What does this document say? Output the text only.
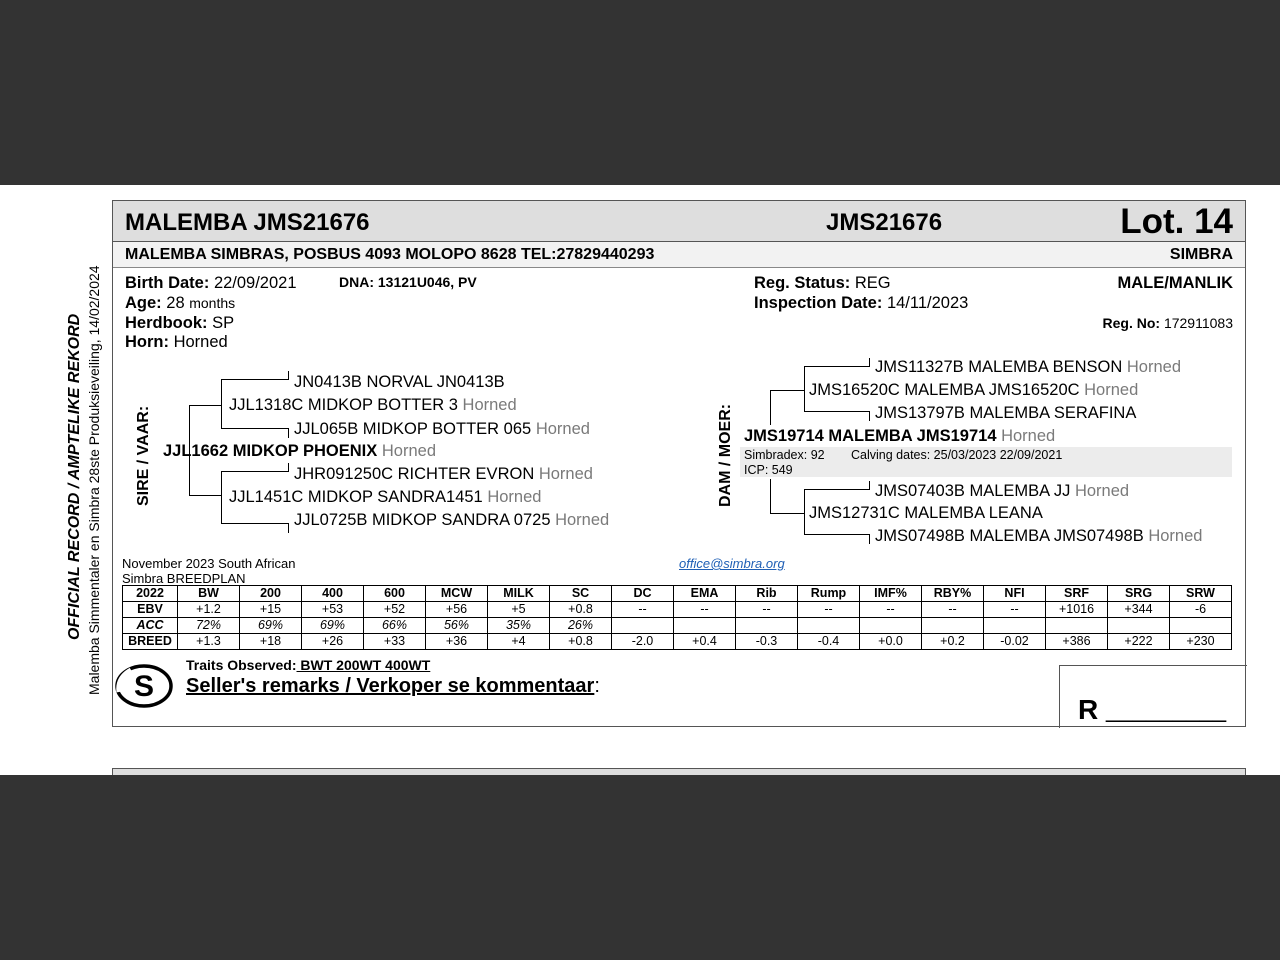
OFFICIAL RECORD / AMPTELIKE REKORD Malemba Simmentaler en Simbra 28ste Produksieveiling, 14/02/2024
MALEMBA JMS21676	JMS21676	Lot. 14
MALEMBA SIMBRAS, POSBUS 4093 MOLOPO 8628 TEL:27829440293	SIMBRA
Birth Date: 22/09/2021	DNA: 13121U046, PV
Age: 28 months
Herdbook: SP
Horn: Horned
Reg. Status: REG
Inspection Date: 14/11/2023
MALE/MANLIK
Reg. No: 172911083
SIRE / VAAR:
JN0413B NORVAL JN0413B
JJL1318C MIDKOP BOTTER 3 Horned
JJL065B MIDKOP BOTTER 065 Horned
JJL1662 MIDKOP PHOENIX Horned
JHR091250C RICHTER EVRON Horned
JJL1451C MIDKOP SANDRA1451 Horned
JJL0725B MIDKOP SANDRA 0725 Horned
DAM / MOER:
JMS11327B MALEMBA BENSON Horned
JMS16520C MALEMBA JMS16520C Horned
JMS13797B MALEMBA SERAFINA
JMS19714 MALEMBA JMS19714 Horned
Simbradex: 92 Calving dates: 25/03/2023 22/09/2021
ICP: 549
JMS07403B MALEMBA JJ Horned
JMS12731C MALEMBA LEANA
JMS07498B MALEMBA JMS07498B Horned
November 2023 South African
Simbra BREEDPLAN
office@simbra.org
2022	BW	200	400	600	MCW	MILK	SC	DC	EMA	Rib	Rump	IMF%	RBY%	NFI	SRF	SRG	SRW
EBV	+1.2	+15	+53	+52	+56	+5	+0.8	--	--	--	--	--	--	--	+1016	+344	-6
ACC	72%	69%	69%	66%	56%	35%	26%										
BREED	+1.3	+18	+26	+33	+36	+4	+0.8	-2.0	+0.4	-0.3	-0.4	+0.0	+0.2	-0.02	+386	+222	+230
S
Traits Observed: BWT 200WT 400WT
Seller's remarks / Verkoper se kommentaar:
R _________
